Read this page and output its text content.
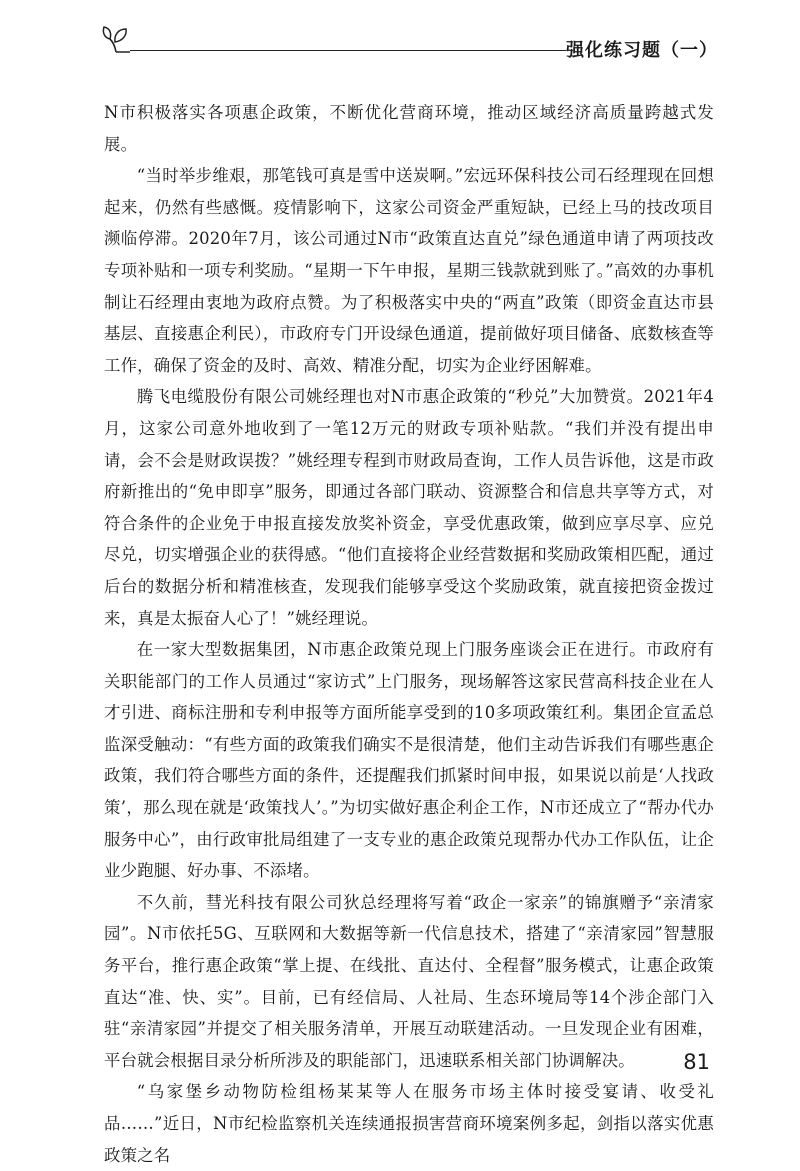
强化练习题（一）

N市积极落实各项惠企政策，不断优化营商环境，推动区域经济高质量跨越式发展。

“当时举步维艰，那笔钱可真是雪中送炭啊。”宏远环保科技公司石经理现在回想起来，仍然有些感慨。疫情影响下，这家公司资金严重短缺，已经上马的技改项目濒临停滞。2020年7月，该公司通过N市“政策直达直兑”绿色通道申请了两项技改专项补贴和一项专利奖励。“星期一下午申报，星期三钱款就到账了。”高效的办事机制让石经理由衷地为政府点赞。为了积极落实中央的“两直”政策（即资金直达市县基层、直接惠企利民），市政府专门开设绿色通道，提前做好项目储备、底数核查等工作，确保了资金的及时、高效、精准分配，切实为企业纾困解难。

腾飞电缆股份有限公司姚经理也对N市惠企政策的“秒兑”大加赞赏。2021年4月，这家公司意外地收到了一笔12万元的财政专项补贴款。“我们并没有提出申请，会不会是财政误拨？”姚经理专程到市财政局查询，工作人员告诉他，这是市政府新推出的“免申即享”服务，即通过各部门联动、资源整合和信息共享等方式，对符合条件的企业免于申报直接发放奖补资金，享受优惠政策，做到应享尽享、应兑尽兑，切实增强企业的获得感。“他们直接将企业经营数据和奖励政策相匹配，通过后台的数据分析和精准核查，发现我们能够享受这个奖励政策，就直接把资金拨过来，真是太振奋人心了！”姚经理说。

在一家大型数据集团，N市惠企政策兑现上门服务座谈会正在进行。市政府有关职能部门的工作人员通过“家访式”上门服务，现场解答这家民营高科技企业在人才引进、商标注册和专利申报等方面所能享受到的10多项政策红利。集团企宣孟总监深受触动：“有些方面的政策我们确实不是很清楚，他们主动告诉我们有哪些惠企政策，我们符合哪些方面的条件，还提醒我们抓紧时间申报，如果说以前是‘人找政策’，那么现在就是‘政策找人’。”为切实做好惠企利企工作，N市还成立了“帮办代办服务中心”，由行政审批局组建了一支专业的惠企政策兑现帮办代办工作队伍，让企业少跑腿、好办事、不添堵。

不久前，彗光科技有限公司狄总经理将写着“政企一家亲”的锦旗赠予“亲清家园”。N市依托5G、互联网和大数据等新一代信息技术，搭建了“亲清家园”智慧服务平台，推行惠企政策“掌上提、在线批、直达付、全程督”服务模式，让惠企政策直达“准、快、实”。目前，已有经信局、人社局、生态环境局等14个涉企部门入驻“亲清家园”并提交了相关服务清单，开展互动联建活动。一旦发现企业有困难，平台就会根据目录分析所涉及的职能部门，迅速联系相关部门协调解决。

“乌家堡乡动物防检组杨某某等人在服务市场主体时接受宴请、收受礼品……”近日，N市纪检监察机关连续通报损害营商环境案例多起，剑指以落实优惠政策之名

81
